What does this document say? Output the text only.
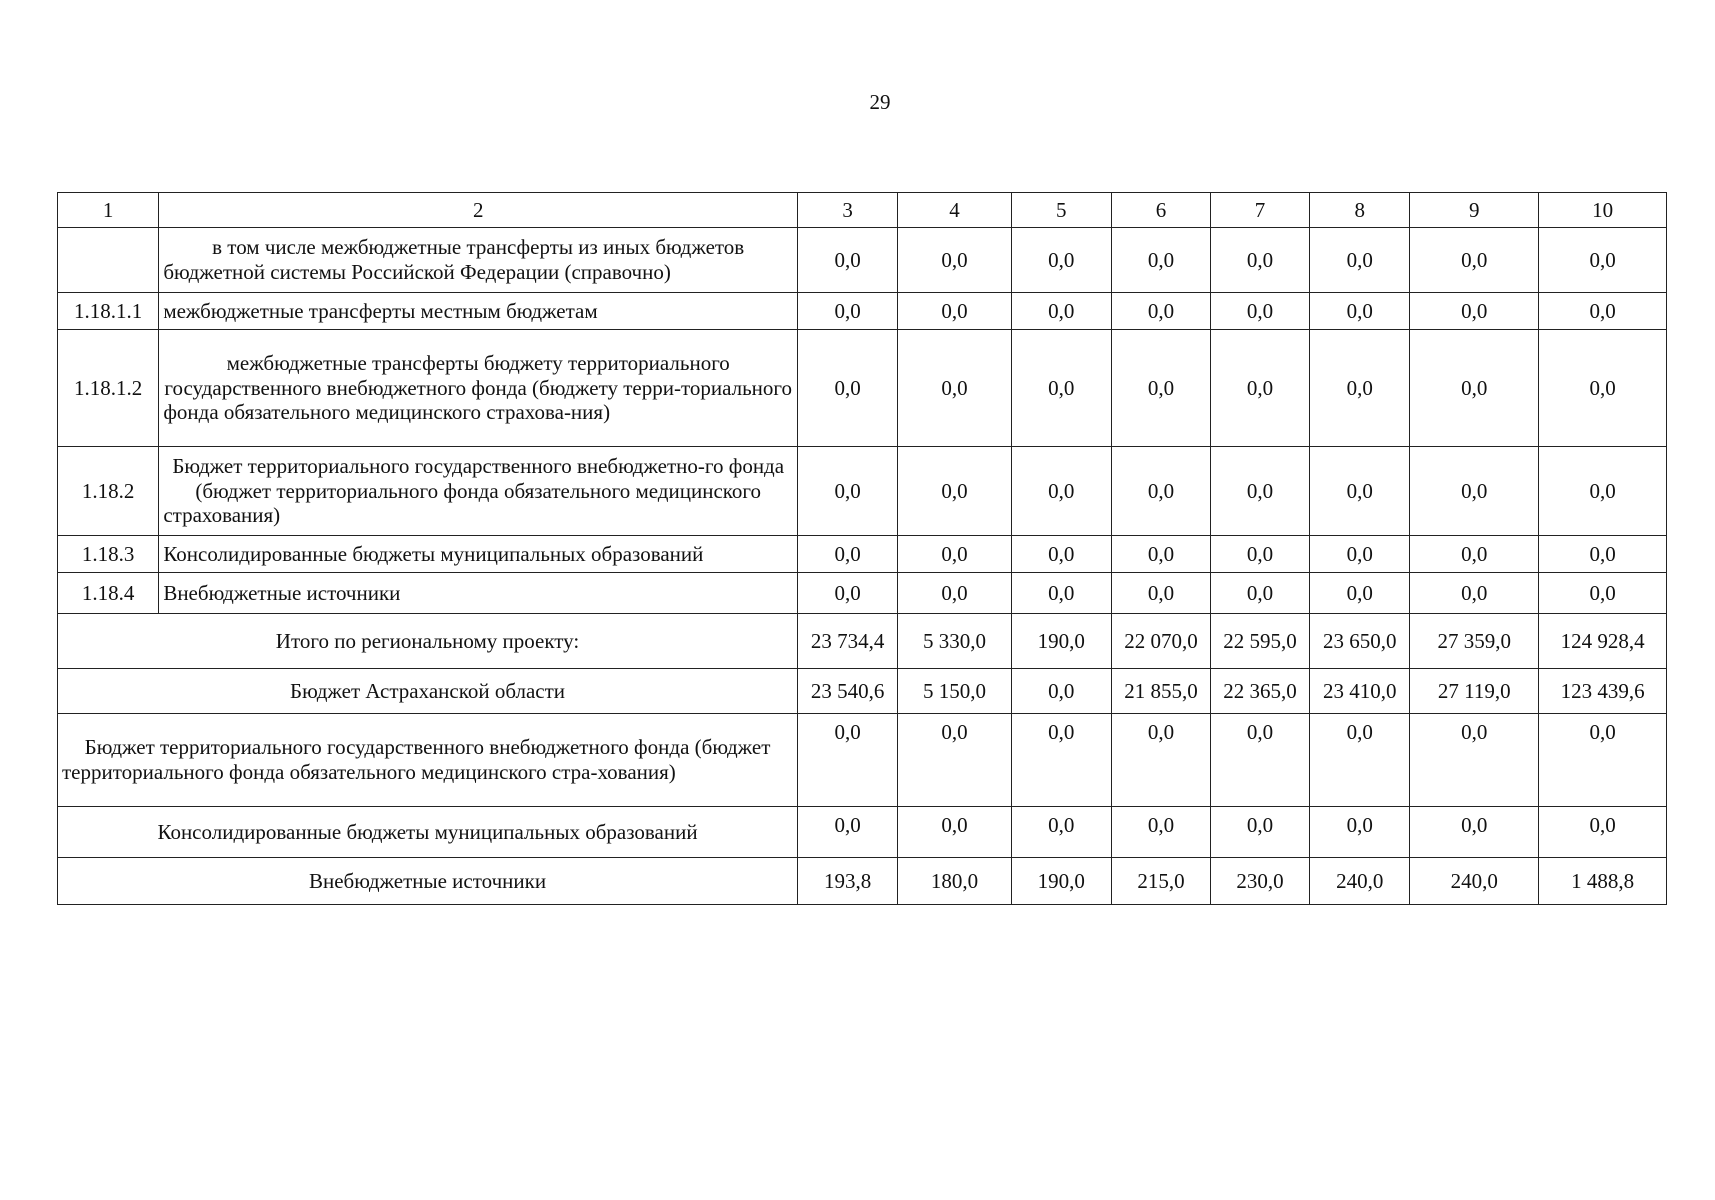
29
1	2	3	4	5	6	7	8	9	10
	в том числе межбюджетные трансферты из иных бюджетов бюджетной системы Российской Федерации (справочно)	0,0	0,0	0,0	0,0	0,0	0,0	0,0	0,0
1.18.1.1	межбюджетные трансферты местным бюджетам	0,0	0,0	0,0	0,0	0,0	0,0	0,0	0,0
1.18.1.2	межбюджетные трансферты бюджету территориального государственного внебюджетного фонда (бюджету терри-ториального фонда обязательного медицинского страхова-ния)	0,0	0,0	0,0	0,0	0,0	0,0	0,0	0,0
1.18.2	Бюджет территориального государственного внебюджетно-го фонда (бюджет территориального фонда обязательного медицинского страхования)	0,0	0,0	0,0	0,0	0,0	0,0	0,0	0,0
1.18.3	Консолидированные бюджеты муниципальных образований	0,0	0,0	0,0	0,0	0,0	0,0	0,0	0,0
1.18.4	Внебюджетные источники	0,0	0,0	0,0	0,0	0,0	0,0	0,0	0,0
Итого по региональному проекту:		23 734,4	5 330,0	190,0	22 070,0	22 595,0	23 650,0	27 359,0	124 928,4
Бюджет Астраханской области		23 540,6	5 150,0	0,0	21 855,0	22 365,0	23 410,0	27 119,0	123 439,6
Бюджет территориального государственного внебюджетного фонда (бюджет территориального фонда обязательного медицинского стра-хования)		0,0	0,0	0,0	0,0	0,0	0,0	0,0	0,0
Консолидированные бюджеты муниципальных образований		0,0	0,0	0,0	0,0	0,0	0,0	0,0	0,0
Внебюджетные источники		193,8	180,0	190,0	215,0	230,0	240,0	240,0	1 488,8
